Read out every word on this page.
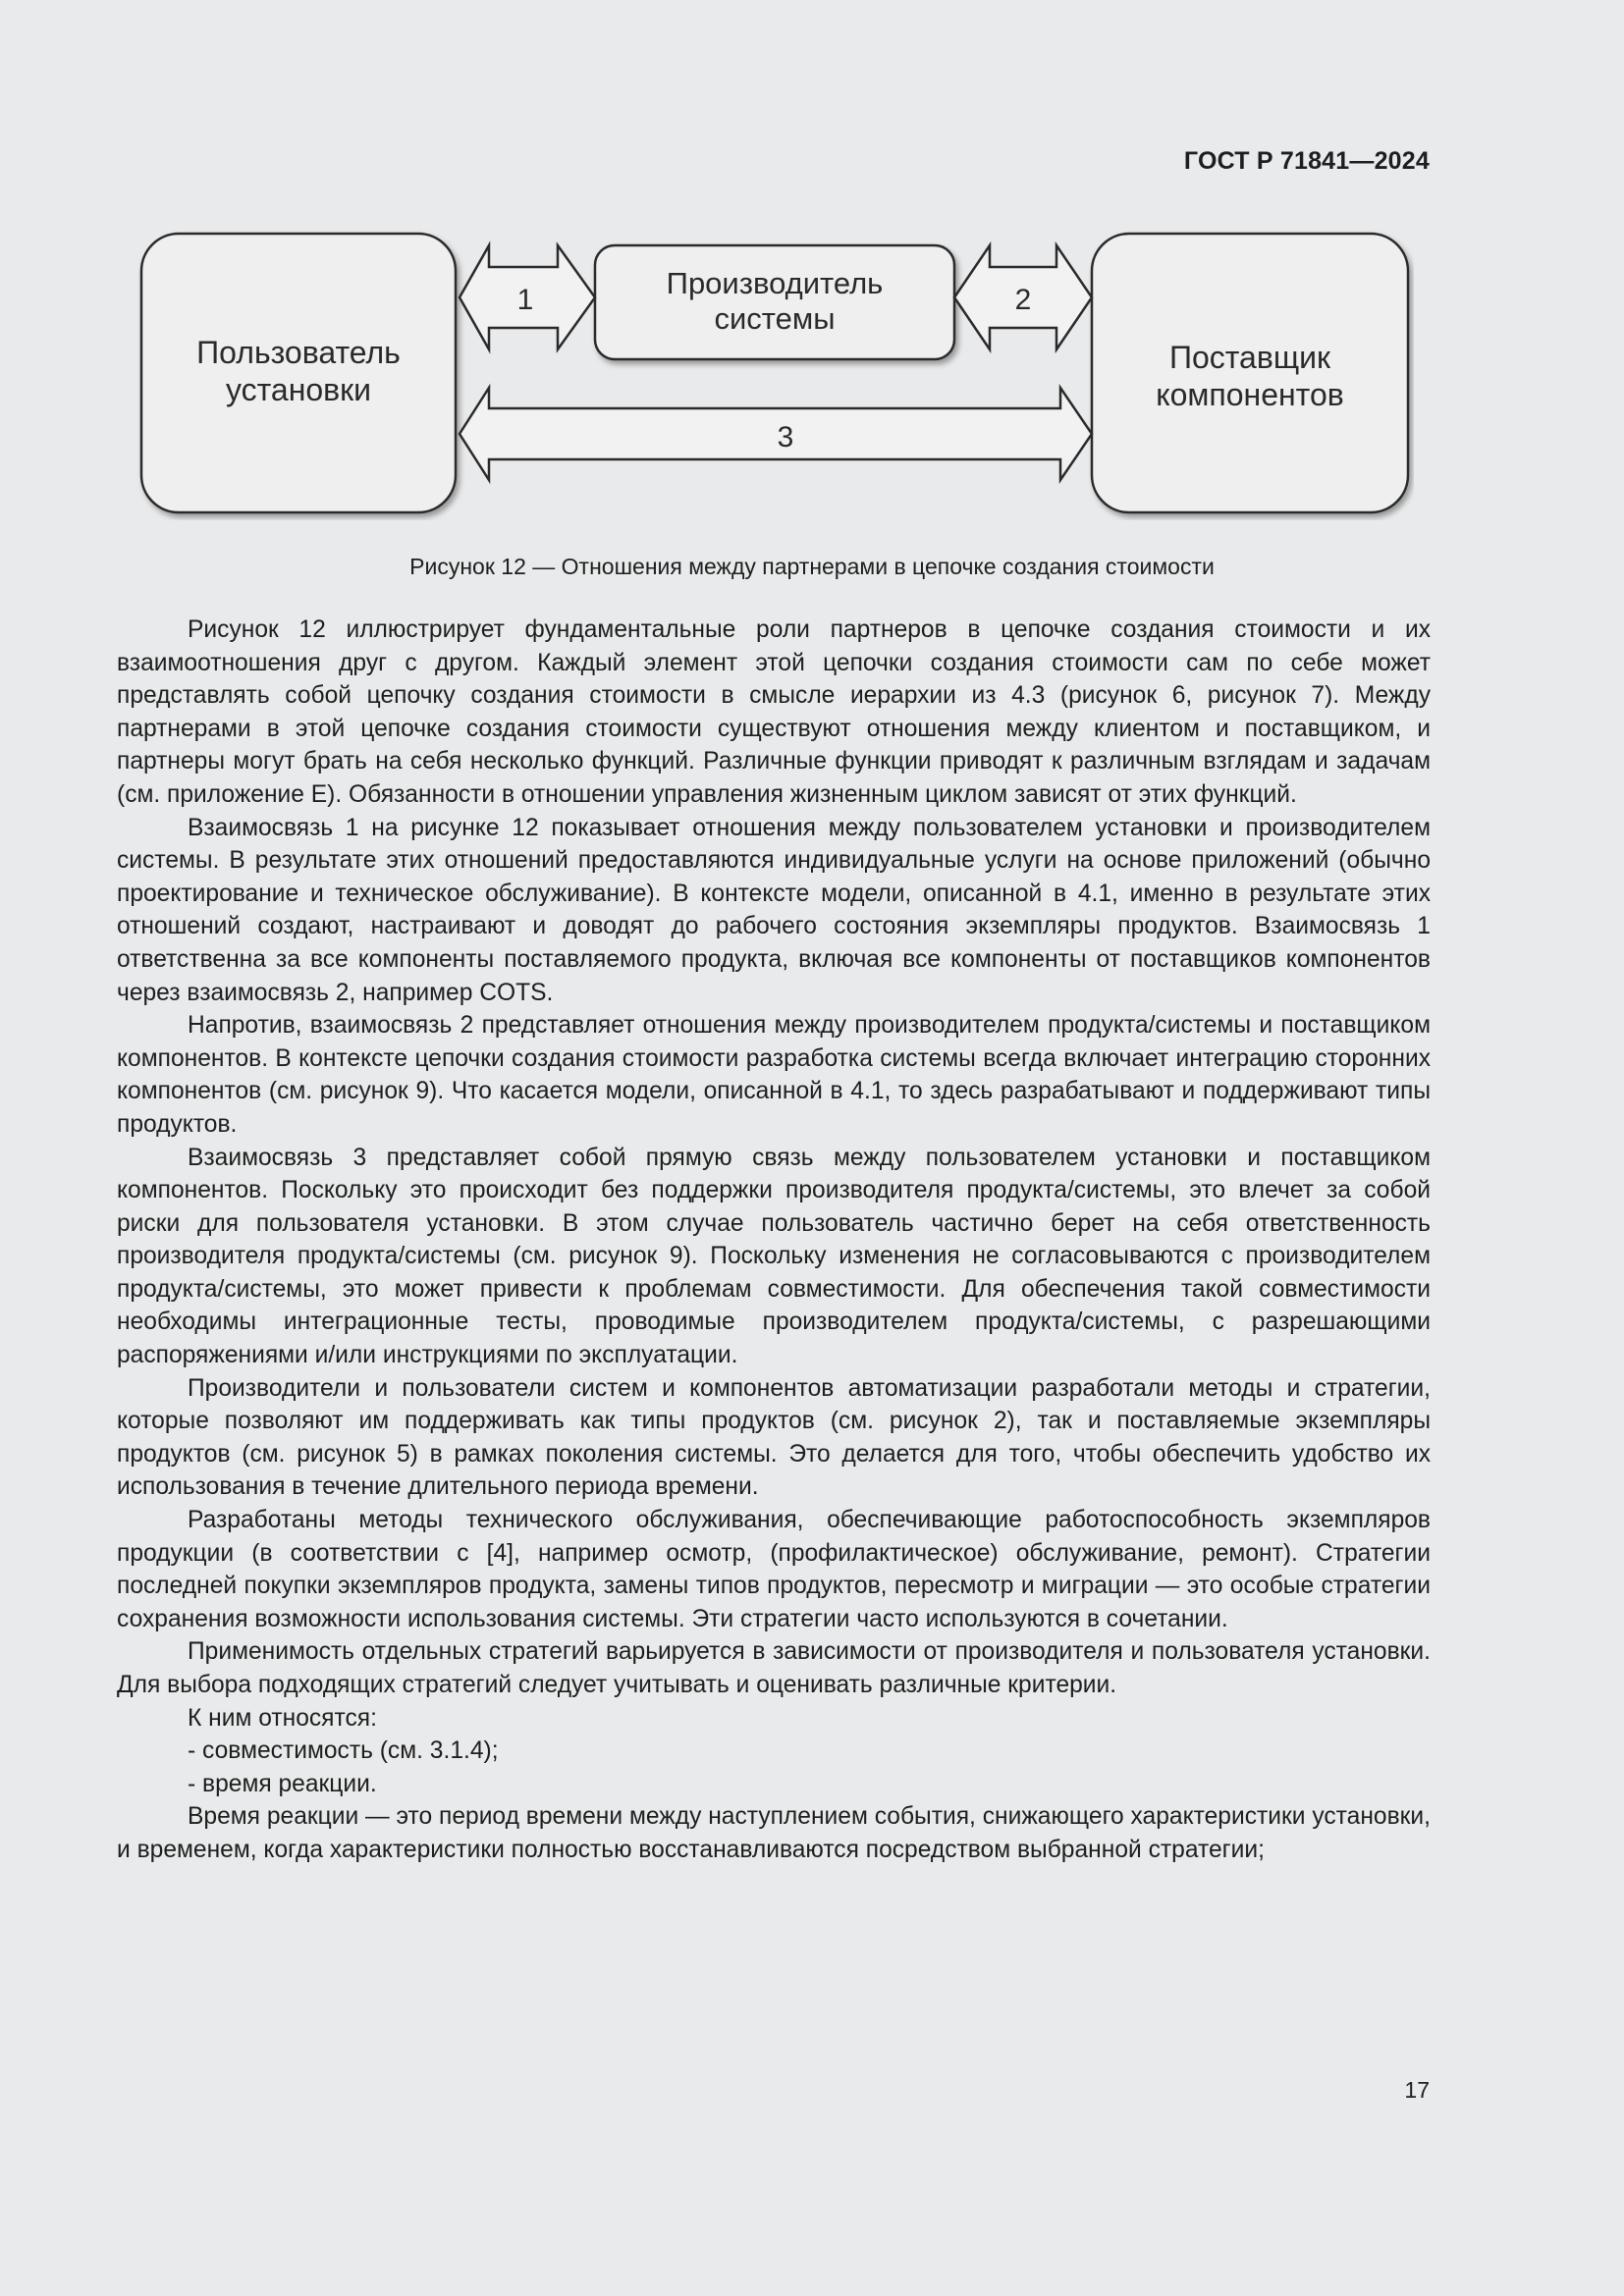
ГОСТ Р 71841—2024
Пользователь
установки
Производитель
системы
Поставщик
компонентов
1	2
3
Рисунок 12 — Отношения между партнерами в цепочке создания стоимости

Рисунок 12 иллюстрирует фундаментальные роли партнеров в цепочке создания стоимости и их взаимоотношения друг с другом. Каждый элемент этой цепочки создания стоимости сам по себе может представлять собой цепочку создания стоимости в смысле иерархии из 4.3 (рисунок 6, рисунок 7). Между партнерами в этой цепочке создания стоимости существуют отношения между клиентом и поставщиком, и партнеры могут брать на себя несколько функций. Различные функции приводят к различным взглядам и задачам (см. приложение Е). Обязанности в отношении управления жизненным циклом зависят от этих функций.

Взаимосвязь 1 на рисунке 12 показывает отношения между пользователем установки и производителем системы. В результате этих отношений предоставляются индивидуальные услуги на основе приложений (обычно проектирование и техническое обслуживание). В контексте модели, описанной в 4.1, именно в результате этих отношений создают, настраивают и доводят до рабочего состояния экземпляры продуктов. Взаимосвязь 1 ответственна за все компоненты поставляемого продукта, включая все компоненты от поставщиков компонентов через взаимосвязь 2, например COTS.

Напротив, взаимосвязь 2 представляет отношения между производителем продукта/системы и поставщиком компонентов. В контексте цепочки создания стоимости разработка системы всегда включает интеграцию сторонних компонентов (см. рисунок 9). Что касается модели, описанной в 4.1, то здесь разрабатывают и поддерживают типы продуктов.

Взаимосвязь 3 представляет собой прямую связь между пользователем установки и поставщиком компонентов. Поскольку это происходит без поддержки производителя продукта/системы, это влечет за собой риски для пользователя установки. В этом случае пользователь частично берет на себя ответственность производителя продукта/системы (см. рисунок 9). Поскольку изменения не согласовываются с производителем продукта/системы, это может привести к проблемам совместимости. Для обеспечения такой совместимости необходимы интеграционные тесты, проводимые производителем продукта/системы, с разрешающими распоряжениями и/или инструкциями по эксплуатации.

Производители и пользователи систем и компонентов автоматизации разработали методы и стратегии, которые позволяют им поддерживать как типы продуктов (см. рисунок 2), так и поставляемые экземпляры продуктов (см. рисунок 5) в рамках поколения системы. Это делается для того, чтобы обеспечить удобство их использования в течение длительного периода времени.

Разработаны методы технического обслуживания, обеспечивающие работоспособность экземпляров продукции (в соответствии с [4], например осмотр, (профилактическое) обслуживание, ремонт). Стратегии последней покупки экземпляров продукта, замены типов продуктов, пересмотр и миграции — это особые стратегии сохранения возможности использования системы. Эти стратегии часто используются в сочетании.

Применимость отдельных стратегий варьируется в зависимости от производителя и пользователя установки. Для выбора подходящих стратегий следует учитывать и оценивать различные критерии.

К ним относятся:

- совместимость (см. 3.1.4);

- время реакции.

Время реакции — это период времени между наступлением события, снижающего характеристики установки, и временем, когда характеристики полностью восстанавливаются посредством выбранной стратегии;

17
